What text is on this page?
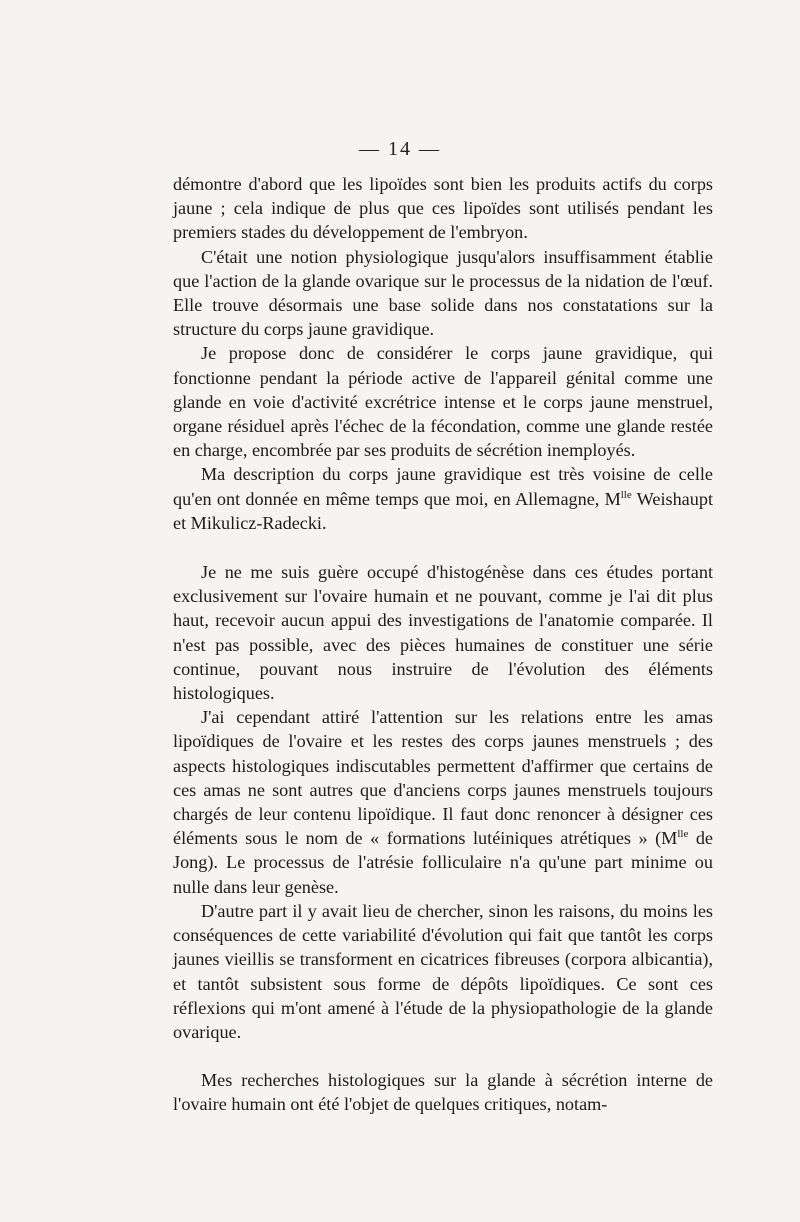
— 14 —

démontre d'abord que les lipoïdes sont bien les produits actifs du corps jaune ; cela indique de plus que ces lipoïdes sont utilisés pendant les premiers stades du développement de l'embryon.

C'était une notion physiologique jusqu'alors insuffisamment établie que l'action de la glande ovarique sur le processus de la nidation de l'œuf. Elle trouve désormais une base solide dans nos constatations sur la structure du corps jaune gravidique.

Je propose donc de considérer le corps jaune gravidique, qui fonctionne pendant la période active de l'appareil génital comme une glande en voie d'activité excrétrice intense et le corps jaune menstruel, organe résiduel après l'échec de la fécondation, comme une glande restée en charge, encombrée par ses produits de sécrétion inemployés.

Ma description du corps jaune gravidique est très voisine de celle qu'en ont donnée en même temps que moi, en Allemagne, $M^{lle}$ Weishaupt et Mikulicz-Radecki.

Je ne me suis guère occupé d'histogénèse dans ces études portant exclusivement sur l'ovaire humain et ne pouvant, comme je l'ai dit plus haut, recevoir aucun appui des investigations de l'anatomie comparée. Il n'est pas possible, avec des pièces humaines de constituer une série continue, pouvant nous instruire de l'évolution des éléments histologiques.

J'ai cependant attiré l'attention sur les relations entre les amas lipoïdiques de l'ovaire et les restes des corps jaunes menstruels ; des aspects histologiques indiscutables permettent d'affirmer que certains de ces amas ne sont autres que d'anciens corps jaunes menstruels toujours chargés de leur contenu lipoïdique. Il faut donc renoncer à désigner ces éléments sous le nom de « formations lutéiniques atrétiques » ($M^{lle}$ de Jong). Le processus de l'atrésie folliculaire n'a qu'une part minime ou nulle dans leur genèse.

D'autre part il y avait lieu de chercher, sinon les raisons, du moins les conséquences de cette variabilité d'évolution qui fait que tantôt les corps jaunes vieillis se transforment en cicatrices fibreuses (corpora albicantia), et tantôt subsistent sous forme de dépôts lipoïdiques. Ce sont ces réflexions qui m'ont amené à l'étude de la physiopathologie de la glande ovarique.

Mes recherches histologiques sur la glande à sécrétion interne de l'ovaire humain ont été l'objet de quelques critiques, notam-
